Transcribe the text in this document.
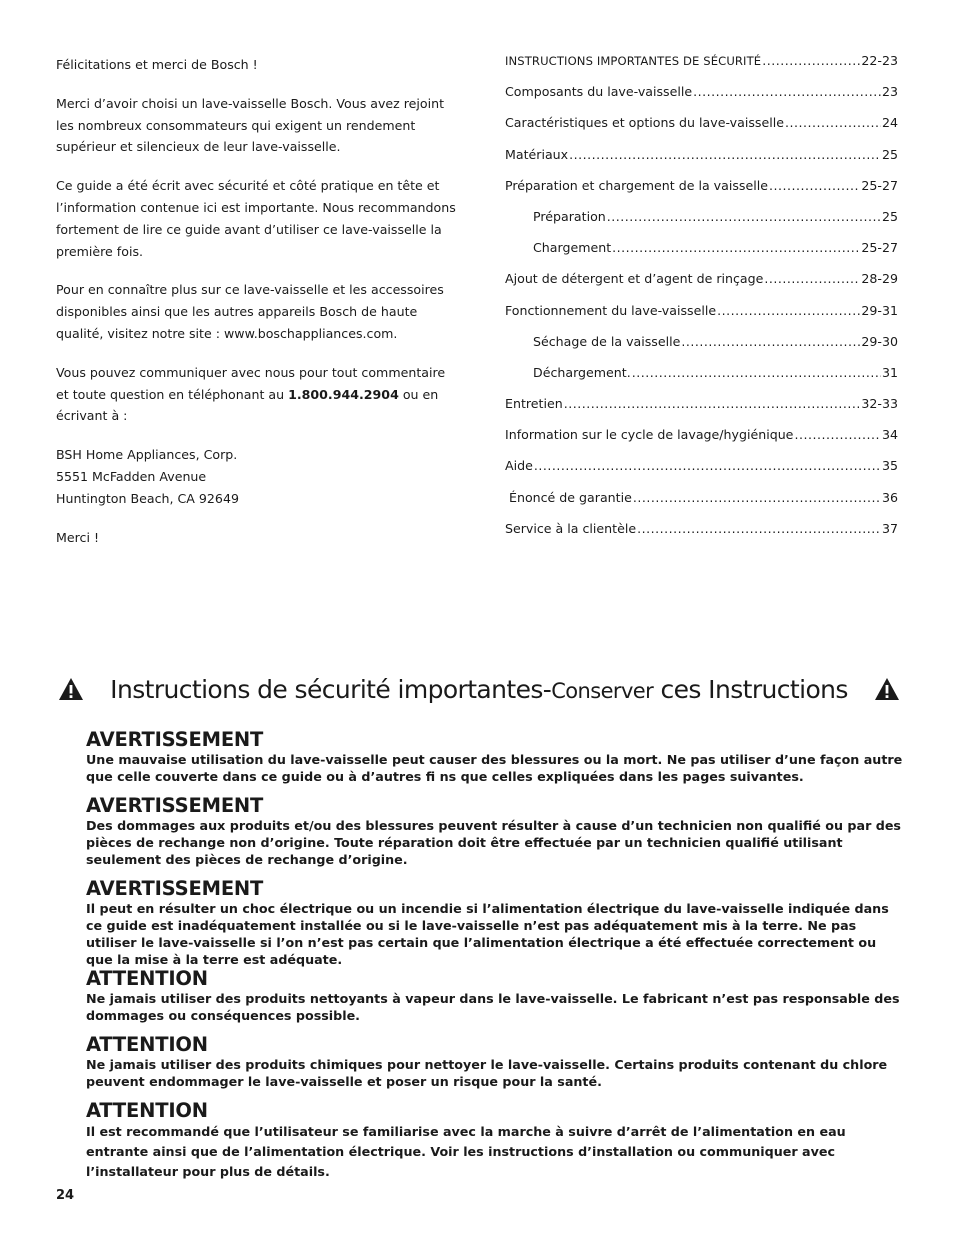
Félicitations et merci de Bosch !

Merci d’avoir choisi un lave-vaisselle Bosch. Vous avez rejoint les nombreux consommateurs qui exigent un rendement supérieur et silencieux de leur lave-vaisselle.

Ce guide a été écrit avec sécurité et côté pratique en tête et l’information contenue ici est importante. Nous recommandons fortement de lire ce guide avant d’utiliser ce lave-vaisselle la première fois.

Pour en connaître plus sur ce lave-vaisselle et les accessoires disponibles ainsi que les autres appareils Bosch de haute qualité, visitez notre site : www.boschappliances.com.

Vous pouvez communiquer avec nous pour tout commentaire et toute question en téléphonant au 1.800.944.2904 ou en écrivant à :

BSH Home Appliances, Corp.
5551 McFadden Avenue
Huntington Beach, CA 92649

Merci !

INSTRUCTIONS IMPORTANTES DE SÉCURITÉ .....	22-23
Composants du lave-vaisselle .....	23
Caractéristiques et options du lave-vaisselle .....	24
Matériaux .....	25
Préparation et chargement de la vaisselle .....	25-27
Préparation .....	25
Chargement .....	25-27
Ajout de détergent et d’agent de rinçage .....	28-29
Fonctionnement du lave-vaisselle .....	29-31
Séchage de la vaisselle .....	29-30
Déchargement. .....	31
Entretien .....	32-33
Information sur le cycle de lavage/hygiénique .....	34
Aide .....	35
Énoncé de garantie .....	36
Service à la clientèle .....	37
Instructions de sécurité importantes-Conserver ces Instructions
AVERTISSEMENT

Une mauvaise utilisation du lave-vaisselle peut causer des blessures ou la mort. Ne pas utiliser d’une façon autre que celle couverte dans ce guide ou à d’autres fi ns que celles expliquées dans les pages suivantes.

AVERTISSEMENT

Des dommages aux produits et/ou des blessures peuvent résulter à cause d’un technicien non qualifié ou par des pièces de rechange non d’origine. Toute réparation doit être effectuée par un technicien qualifié utilisant seulement des pièces de rechange d’origine.

AVERTISSEMENT

Il peut en résulter un choc électrique ou un incendie si l’alimentation électrique du lave-vaisselle indiquée dans ce guide est inadéquatement installée ou si le lave-vaisselle n’est pas adéquatement mis à la terre. Ne pas utiliser le lave-vaisselle si l’on n’est pas certain que l’alimentation électrique a été effectuée correctement ou que la mise à la terre est adéquate.

ATTENTION

Ne jamais utiliser des produits nettoyants à vapeur dans le lave-vaisselle. Le fabricant n’est pas responsable des dommages ou conséquences possible.

ATTENTION

Ne jamais utiliser des produits chimiques pour nettoyer le lave-vaisselle. Certains produits contenant du chlore peuvent endommager le lave-vaisselle et poser un risque pour la santé.

ATTENTION

Il est recommandé que l’utilisateur se familiarise avec la marche à suivre d’arrêt de l’alimentation en eau entrante ainsi que de l’alimentation électrique. Voir les instructions d’installation ou communiquer avec l’installateur pour plus de détails.

24
